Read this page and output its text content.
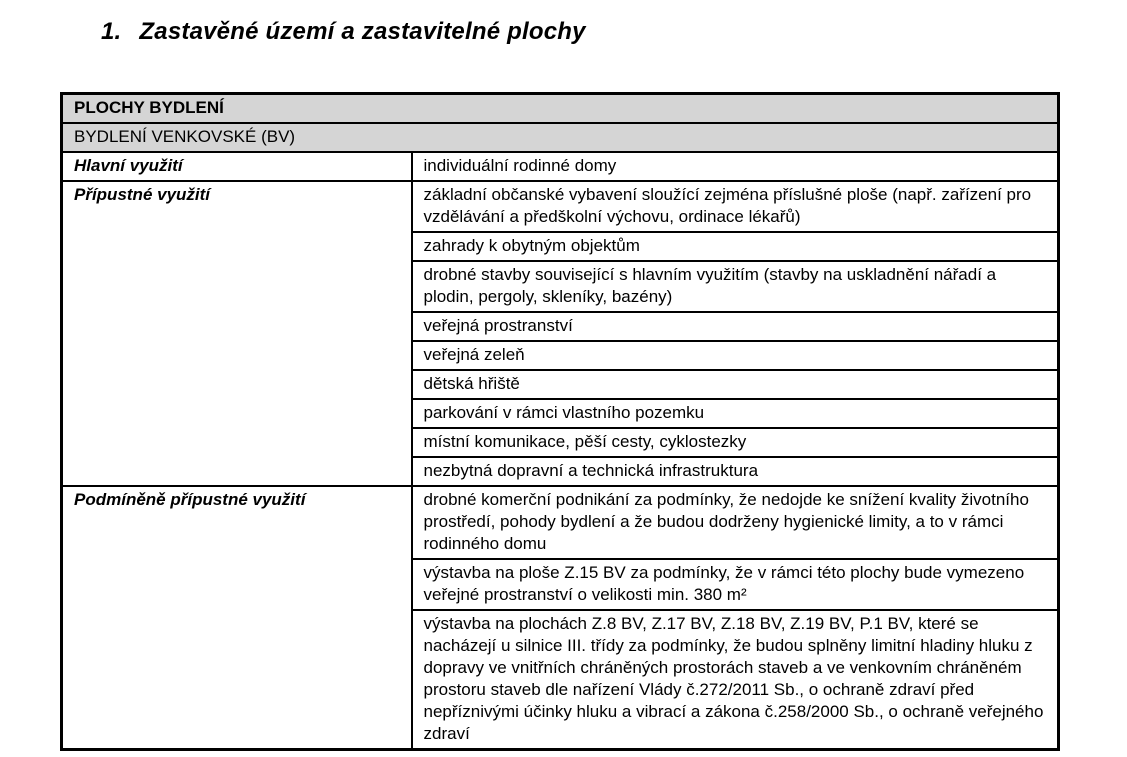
1. Zastavěné území a zastavitelné plochy
PLOCHY BYDLENÍ	
BYDLENÍ VENKOVSKÉ (BV)	
Hlavní využití	individuální rodinné domy
Přípustné využití	základní občanské vybavení sloužící zejména příslušné ploše (např. zařízení pro vzdělávání a předškolní výchovu, ordinace lékařů)
	zahrady k obytným objektům
	drobné stavby související s hlavním využitím (stavby na uskladnění nářadí a plodin, pergoly, skleníky, bazény)
	veřejná prostranství
	veřejná zeleň
	dětská hřiště
	parkování v rámci vlastního pozemku
	místní komunikace, pěší cesty, cyklostezky
	nezbytná dopravní a technická infrastruktura
Podmíněně přípustné využití	drobné komerční podnikání za podmínky, že nedojde ke snížení kvality životního prostředí, pohody bydlení a že budou dodrženy hygienické limity, a to v rámci rodinného domu
	výstavba na ploše Z.15 BV za podmínky, že v rámci této plochy bude vymezeno veřejné prostranství o velikosti min. 380 m²
	výstavba na plochách Z.8 BV, Z.17 BV, Z.18 BV, Z.19 BV, P.1 BV, které se nacházejí u silnice III. třídy za podmínky, že budou splněny limitní hladiny hluku z dopravy ve vnitřních chráněných prostorách staveb a ve venkovním chráněném prostoru staveb dle nařízení Vlády č.272/2011 Sb., o ochraně zdraví před nepříznivými účinky hluku a vibrací a zákona č.258/2000 Sb., o ochraně veřejného zdraví
